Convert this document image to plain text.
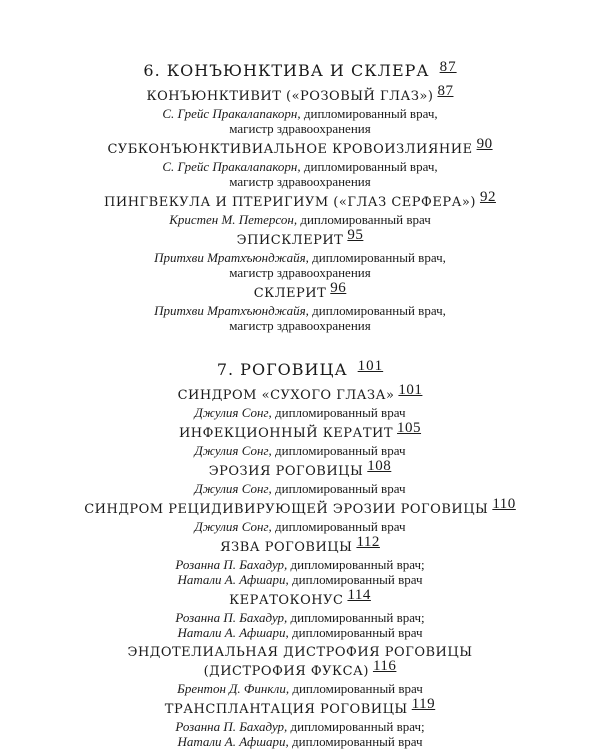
6. КОНЪЮНКТИВА И СКЛЕРА 87
КОНЪЮНКТИВИТ («РОЗОВЫЙ ГЛАЗ») 87
С. Грейс Пракалапакорн, дипломированный врач,
магистр здравоохранения
СУБКОНЪЮНКТИВИАЛЬНОЕ КРОВОИЗЛИЯНИЕ 90
С. Грейс Пракалапакорн, дипломированный врач,
магистр здравоохранения
ПИНГВЕКУЛА И ПТЕРИГИУМ («ГЛАЗ СЕРФЕРА») 92
Кристен М. Петерсон, дипломированный врач
ЭПИСКЛЕРИТ 95
Притхви Мратхъюнджайя, дипломированный врач,
магистр здравоохранения
СКЛЕРИТ 96
Притхви Мратхъюнджайя, дипломированный врач,
магистр здравоохранения
7. РОГОВИЦА 101
СИНДРОМ «СУХОГО ГЛАЗА» 101
Джулия Сонг, дипломированный врач
ИНФЕКЦИОННЫЙ КЕРАТИТ 105
Джулия Сонг, дипломированный врач
ЭРОЗИЯ РОГОВИЦЫ 108
Джулия Сонг, дипломированный врач
СИНДРОМ РЕЦИДИВИРУЮЩЕЙ ЭРОЗИИ РОГОВИЦЫ 110
Джулия Сонг, дипломированный врач
ЯЗВА РОГОВИЦЫ 112
Розанна П. Бахадур, дипломированный врач;
Натали А. Афшари, дипломированный врач
КЕРАТОКОНУС 114
Розанна П. Бахадур, дипломированный врач;
Натали А. Афшари, дипломированный врач
ЭНДОТЕЛИАЛЬНАЯ ДИСТРОФИЯ РОГОВИЦЫ
(ДИСТРОФИЯ ФУКСА) 116
Брентон Д. Финкли, дипломированный врач
ТРАНСПЛАНТАЦИЯ РОГОВИЦЫ 119
Розанна П. Бахадур, дипломированный врач;
Натали А. Афшари, дипломированный врач
